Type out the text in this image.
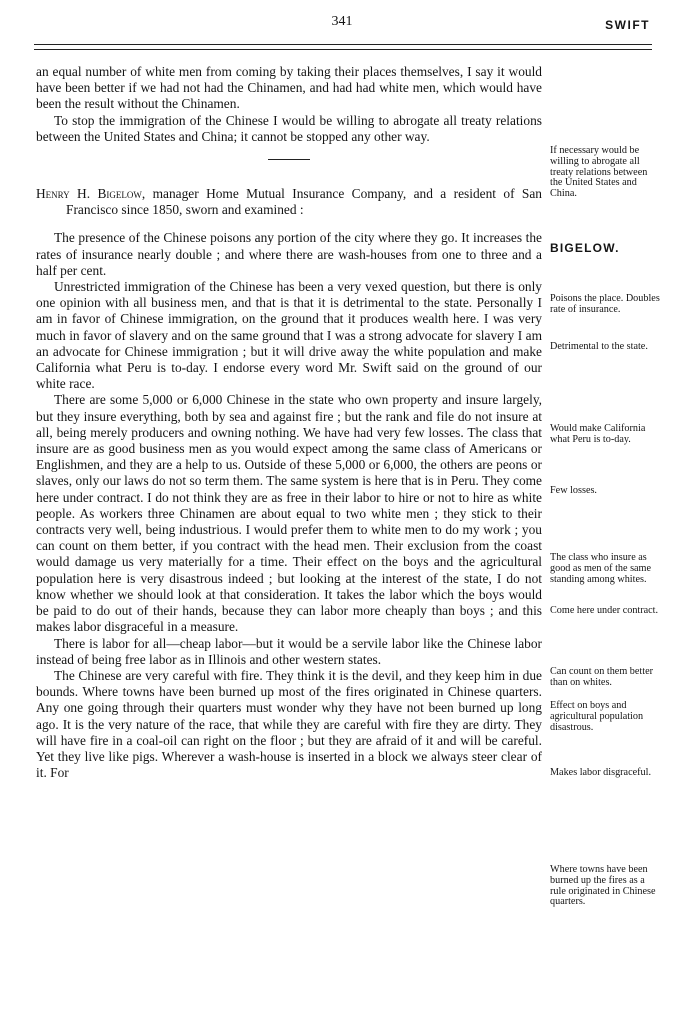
341	SWIFT

an equal number of white men from coming by taking their places themselves, I say it would have been better if we had not had the Chinamen, and had had white men, which would have been the result without the Chinamen.

To stop the immigration of the Chinese I would be willing to abrogate all treaty relations between the United States and China; it cannot be stopped any other way.

Henry H. Bigelow, manager Home Mutual Insurance Company, and a resident of San Francisco since 1850, sworn and examined :

The presence of the Chinese poisons any portion of the city where they go. It increases the rates of insurance nearly double ; and where there are wash-houses from one to three and a half per cent.

Unrestricted immigration of the Chinese has been a very vexed question, but there is only one opinion with all business men, and that is that it is detrimental to the state. Personally I am in favor of Chinese immigration, on the ground that it produces wealth here. I was very much in favor of slavery and on the same ground that I was a strong advocate for slavery I am an advocate for Chinese immigration ; but it will drive away the white population and make California what Peru is to-day. I endorse every word Mr. Swift said on the ground of our white race.

There are some 5,000 or 6,000 Chinese in the state who own property and insure largely, but they insure everything, both by sea and against fire ; but the rank and file do not insure at all, being merely producers and owning nothing. We have had very few losses. The class that insure are as good business men as you would expect among the same class of Americans or Englishmen, and they are a help to us. Outside of these 5,000 or 6,000, the others are peons or slaves, only our laws do not so term them. The same system is here that is in Peru. They come here under contract. I do not think they are as free in their labor to hire or not to hire as white people. As workers three Chinamen are about equal to two white men ; they stick to their contracts very well, being industrious. I would prefer them to white men to do my work ; you can count on them better, if you contract with the head men. Their exclusion from the coast would damage us very materially for a time. Their effect on the boys and the agricultural population here is very disastrous indeed ; but looking at the interest of the state, I do not know whether we should look at that consideration. It takes the labor which the boys would be paid to do out of their hands, because they can labor more cheaply than boys ; and this makes labor disgraceful in a measure.

There is labor for all—cheap labor—but it would be a servile labor like the Chinese labor instead of being free labor as in Illinois and other western states.

The Chinese are very careful with fire. They think it is the devil, and they keep him in due bounds. Where towns have been burned up most of the fires originated in Chinese quarters. Any one going through their quarters must wonder why they have not been burned up long ago. It is the very nature of the race, that while they are careful with fire they are dirty. They will have fire in a coal-oil can right on the floor ; but they are afraid of it and will be careful. Yet they live like pigs. Wherever a wash-house is inserted in a block we always steer clear of it. For

If necessary would be willing to abrogate all treaty relations between the United States and China.
BIGELOW.
Poisons the place. Doubles rate of insurance.
Detrimental to the state.
Would make California what Peru is to-day.
Few losses.
The class who insure as good as men of the same standing among whites.
Come here under contract.
Can count on them better than on whites.
Effect on boys and agricultural population disastrous.
Makes labor disgraceful.
Where towns have been burned up the fires as a rule originated in Chinese quarters.
